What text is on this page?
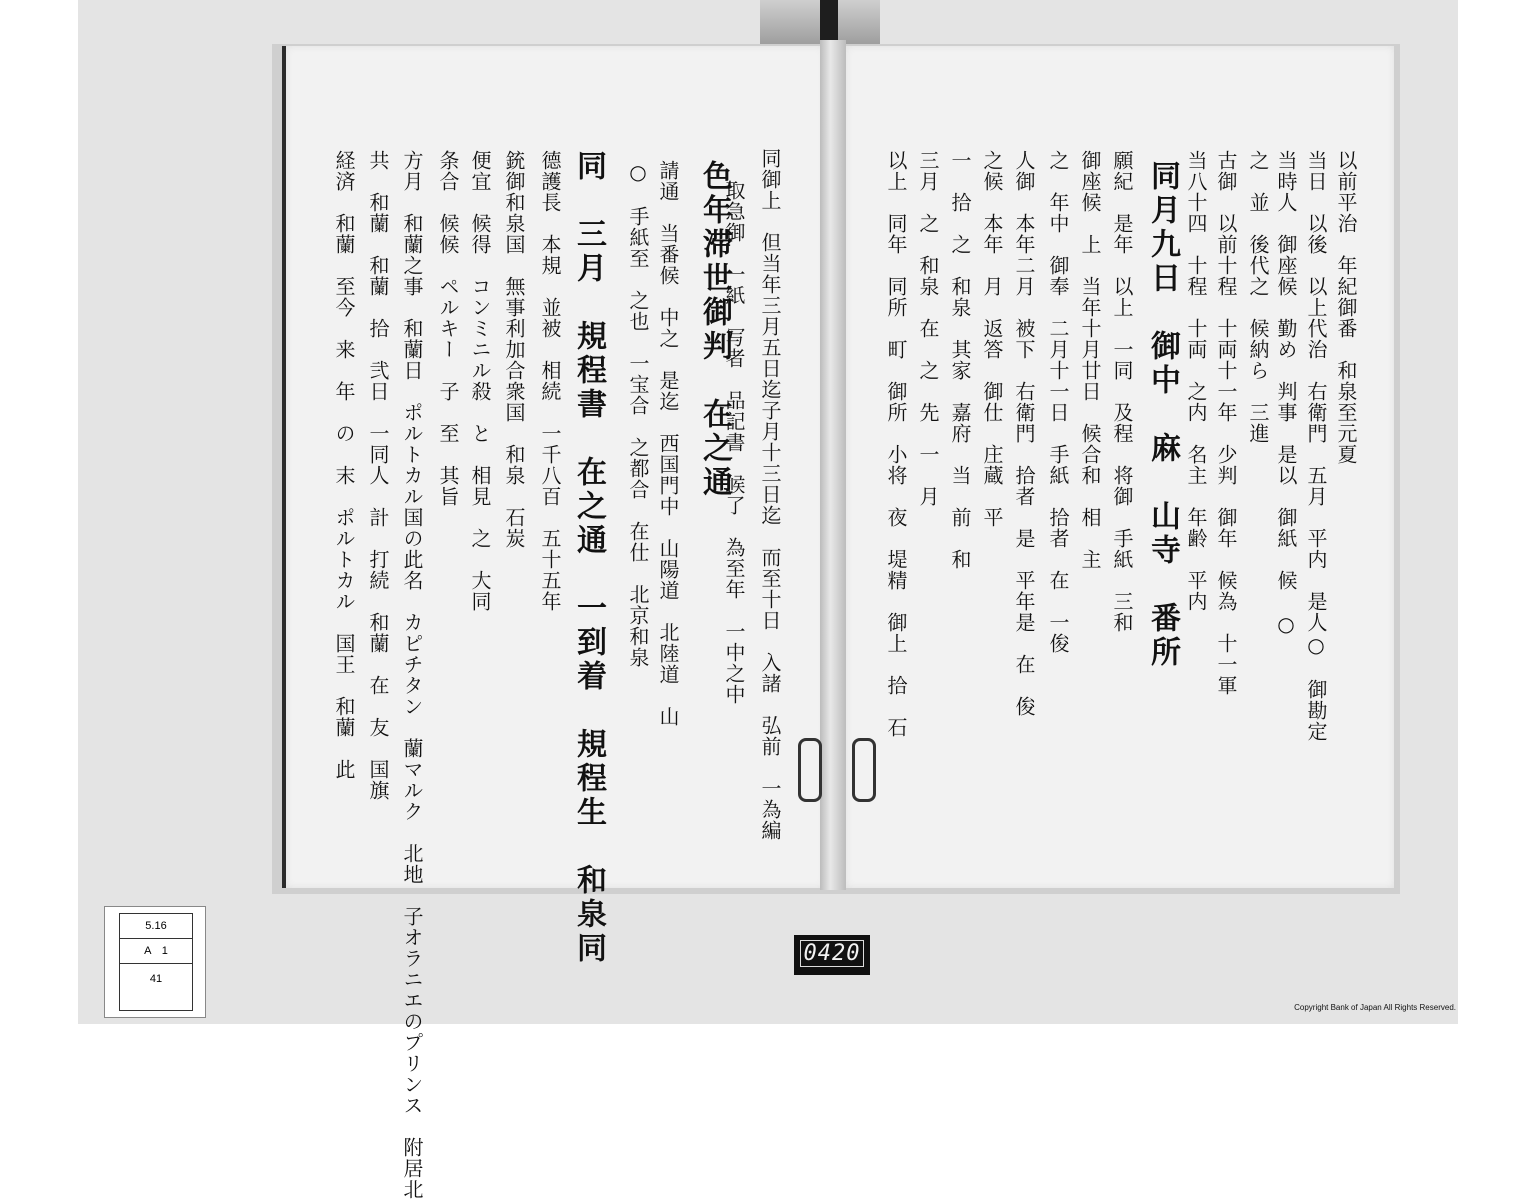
同御上　但当年三月五日迄子月十三日迄　而至十日　入諸　弘前　一為編
取急御　一紙　写者　品記書　候了　為至年　一中之中
色年滞世御判　在之通
請通　当番候　中之　是迄　西国門中　山陽道　北陸道　山
○　手紙至　之也　一宝合　之都合　在仕　北京和泉
同　三月　規程書　在之通　一到着　規程生　和泉同
德護長　本規　並被　相続　一千八百　五十五年
銃御和泉国　無事利加合衆国　和泉　石炭
便宜　候得　コンミニル殺　と　相見　之　大同
条合　候候　ペルキー　子　至　其旨
方月　和蘭之事　和蘭日　ポルトカル国の此名　カピチタン　蘭マルク　北地　子オラニエのプリンス　附居北
共　和蘭　和蘭　拾　弐日　一同人　計　打続　和蘭　在　友　国旗
経済　和蘭　至今　来　年　の　末　ポルトカル　国王　和蘭　此	以前平治　年紀御番　和泉至元夏
当日　以後　以上代治　右衛門　五月　平内　是人○　御勘定
当時人　御座候　勤め　判事　是以　御紙　候　○
之　並　後代之　候納ら　三進
古御　以前十程　十両十一年　少判　御年　候為　十一軍
当八十四　十程　十両　之内　名主　年齢　平内
同月九日　御中　麻　山寺　番所
願紀　是年　以上　一同　及程　将御　手紙　三和
御座候　上　当年十月廿日　候合和　相　主
之　年中　御奉　二月十一日　手紙　拾者　在　一俊
人御　本年二月　被下　右衛門　拾者　是　平年是　在　俊
之候　本年　月　返答　御仕　庄蔵　平
一　拾　之　和泉　其家　嘉府　当　前　和
三月　之　和泉　在　之　先　一　月
以上　同年　同所　町　御所　小将　夜　堤精　御上　拾　石
5.16
A　1
41
0420
Copyright Bank of Japan All Rights Reserved.
